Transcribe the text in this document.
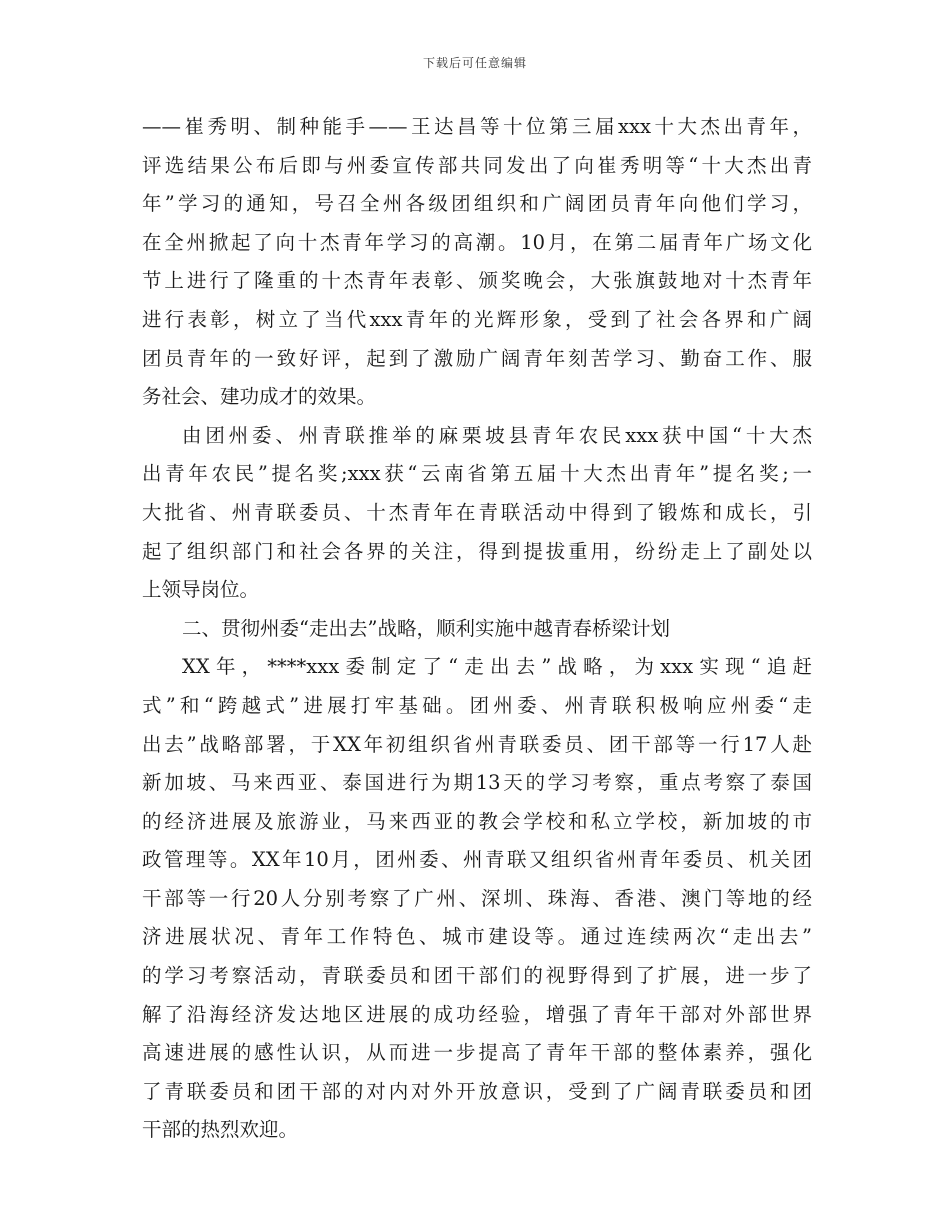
下载后可任意编辑
——崔秀明、制种能手——王达昌等十位第三届xxx十大杰出青年，
评选结果公布后即与州委宣传部共同发出了向崔秀明等“十大杰出青
年”学习的通知，号召全州各级团组织和广阔团员青年向他们学习，
在全州掀起了向十杰青年学习的高潮。10月，在第二届青年广场文化
节上进行了隆重的十杰青年表彰、颁奖晚会，大张旗鼓地对十杰青年
进行表彰，树立了当代xxx青年的光辉形象，受到了社会各界和广阔
团员青年的一致好评，起到了激励广阔青年刻苦学习、勤奋工作、服
务社会、建功成才的效果。
由团州委、州青联推举的麻栗坡县青年农民xxx获中国“十大杰
出青年农民”提名奖;xxx获“云南省第五届十大杰出青年”提名奖;一
大批省、州青联委员、十杰青年在青联活动中得到了锻炼和成长，引
起了组织部门和社会各界的关注，得到提拔重用，纷纷走上了副处以
上领导岗位。
二、贯彻州委“走出去”战略，顺利实施中越青春桥梁计划
XX年，****xxx委制定了“走出去”战略，为xxx实现“追赶
式”和“跨越式”进展打牢基础。团州委、州青联积极响应州委“走
出去”战略部署，于XX年初组织省州青联委员、团干部等一行17人赴
新加坡、马来西亚、泰国进行为期13天的学习考察，重点考察了泰国
的经济进展及旅游业，马来西亚的教会学校和私立学校，新加坡的市
政管理等。XX年10月，团州委、州青联又组织省州青年委员、机关团
干部等一行20人分别考察了广州、深圳、珠海、香港、澳门等地的经
济进展状况、青年工作特色、城市建设等。通过连续两次“走出去”
的学习考察活动，青联委员和团干部们的视野得到了扩展，进一步了
解了沿海经济发达地区进展的成功经验，增强了青年干部对外部世界
高速进展的感性认识，从而进一步提高了青年干部的整体素养，强化
了青联委员和团干部的对内对外开放意识，受到了广阔青联委员和团
干部的热烈欢迎。
